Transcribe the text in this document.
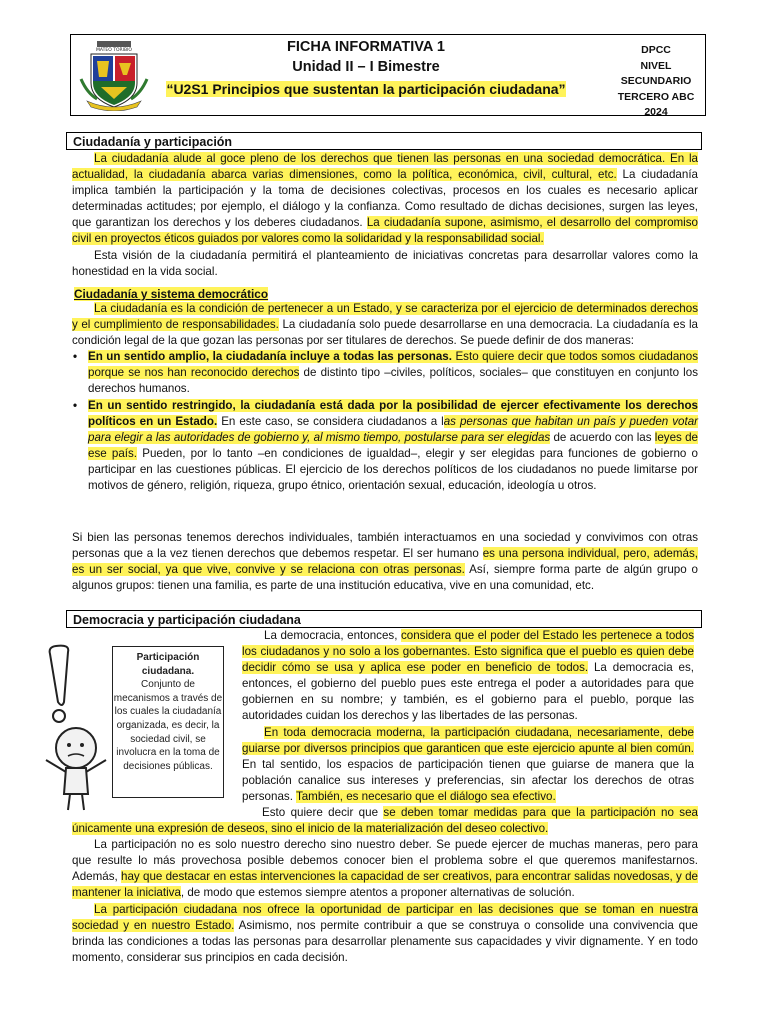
MATEO TORIBIO	FICHA INFORMATIVA 1
Unidad II – I Bimestre
“U2S1 Principios que sustentan la participación ciudadana”
DPCC
NIVEL SECUNDARIO
TERCERO ABC
2024
Ciudadanía y participación

La ciudadanía alude al goce pleno de los derechos que tienen las personas en una sociedad democrática. En la actualidad, la ciudadanía abarca varias dimensiones, como la política, económica, civil, cultural, etc. La ciudadanía implica también la participación y la toma de decisiones colectivas, procesos en los cuales es necesario aplicar determinadas actitudes; por ejemplo, el diálogo y la confianza. Como resultado de dichas decisiones, surgen las leyes, que garantizan los derechos y los deberes ciudadanos. La ciudadanía supone, asimismo, el desarrollo del compromiso civil en proyectos éticos guiados por valores como la solidaridad y la responsabilidad social.

Esta visión de la ciudadanía permitirá el planteamiento de iniciativas concretas para desarrollar valores como la honestidad en la vida social.

Ciudadanía y sistema democrático

La ciudadanía es la condición de pertenecer a un Estado, y se caracteriza por el ejercicio de determinados derechos y el cumplimiento de responsabilidades. La ciudadanía solo puede desarrollarse en una democracia. La ciudadanía es la condición legal de la que gozan las personas por ser titulares de derechos. Se puede definir de dos maneras:

• En un sentido amplio, la ciudadanía incluye a todas las personas. Esto quiere decir que todos somos ciudadanos porque se nos han reconocido derechos de distinto tipo –civiles, políticos, sociales– que constituyen en conjunto los derechos humanos.
• En un sentido restringido, la ciudadanía está dada por la posibilidad de ejercer efectivamente los derechos políticos en un Estado. En este caso, se considera ciudadanos a las personas que habitan un país y pueden votar para elegir a las autoridades de gobierno y, al mismo tiempo, postularse para ser elegidas de acuerdo con las leyes de ese país. Pueden, por lo tanto –en condiciones de igualdad–, elegir y ser elegidas para funciones de gobierno o participar en las cuestiones públicas. El ejercicio de los derechos políticos de los ciudadanos no puede limitarse por motivos de género, religión, riqueza, grupo étnico, orientación sexual, educación, ideología u otros.

Si bien las personas tenemos derechos individuales, también interactuamos en una sociedad y convivimos con otras personas que a la vez tienen derechos que debemos respetar. El ser humano es una persona individual, pero, además, es un ser social, ya que vive, convive y se relaciona con otras personas. Así, siempre forma parte de algún grupo o algunos grupos: tienen una familia, es parte de una institución educativa, vive en una comunidad, etc.

Democracia y participación ciudadana
Participación ciudadana.
Conjunto de mecanismos a través de los cuales la ciudadanía organizada, es decir, la sociedad civil, se involucra en la toma de decisiones públicas.

La democracia, entonces, considera que el poder del Estado les pertenece a todos los ciudadanos y no solo a los gobernantes. Esto significa que el pueblo es quien debe decidir cómo se usa y aplica ese poder en beneficio de todos. La democracia es, entonces, el gobierno del pueblo pues este entrega el poder a autoridades para que gobiernen en su nombre; y también, es el gobierno para el pueblo, porque las autoridades cuidan los derechos y las libertades de las personas.

En toda democracia moderna, la participación ciudadana, necesariamente, debe guiarse por diversos principios que garanticen que este ejercicio apunte al bien común. En tal sentido, los espacios de participación tienen que guiarse de manera que la población canalice sus intereses y preferencias, sin afectar los derechos de otras personas. También, es necesario que el diálogo sea efectivo.

Esto quiere decir que se deben tomar medidas para que la participación no sea únicamente una expresión de deseos, sino el inicio de la materialización del deseo colectivo.

La participación no es solo nuestro derecho sino nuestro deber. Se puede ejercer de muchas maneras, pero para que resulte lo más provechosa posible debemos conocer bien el problema sobre el que queremos manifestarnos. Además, hay que destacar en estas intervenciones la capacidad de ser creativos, para encontrar salidas novedosas, y de mantener la iniciativa, de modo que estemos siempre atentos a proponer alternativas de solución.

La participación ciudadana nos ofrece la oportunidad de participar en las decisiones que se toman en nuestra sociedad y en nuestro Estado. Asimismo, nos permite contribuir a que se construya o consolide una convivencia que brinda las condiciones a todas las personas para desarrollar plenamente sus capacidades y vivir dignamente. Y en todo momento, considerar sus principios en cada decisión.
